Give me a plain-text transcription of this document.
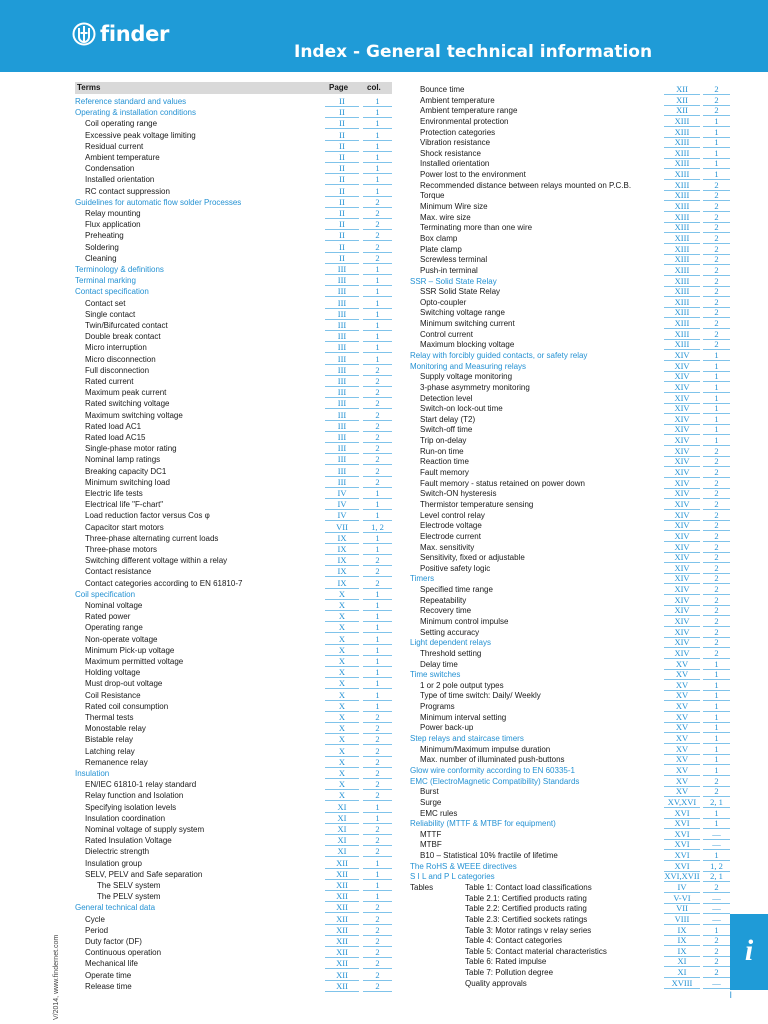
finder
Index - General technical information
Terms	Page col.
Reference standard and values	II	1
Operating & installation conditions	II	1
Coil operating range	II	1
Excessive peak voltage limiting	II	1
Residual current	II	1
Ambient temperature	II	1
Condensation	II	1
Installed orientation	II	1
RC contact suppression	II	1
Guidelines for automatic flow solder Processes	II	2
Relay mounting	II	2
Flux application	II	2
Preheating	II	2
Soldering	II	2
Cleaning	II	2
Terminology & definitions	III	1
Terminal marking	III	1
Contact specification	III	1
Contact set	III	1
Single contact	III	1
Twin/Bifurcated contact	III	1
Double break contact	III	1
Micro interruption	III	1
Micro disconnection	III	1
Full disconnection	III	2
Rated current	III	2
Maximum peak current	III	2
Rated switching voltage	III	2
Maximum switching voltage	III	2
Rated load AC1	III	2
Rated load AC15	III	2
Single-phase motor rating	III	2
Nominal lamp ratings	III	2
Breaking capacity DC1	III	2
Minimum switching load	III	2
Electric life tests	IV	1
Electrical life "F-chart"	IV	1
Load reduction factor versus Cos φ	IV	1
Capacitor start motors	VII	1, 2
Three-phase alternating current loads	IX	1
Three-phase motors	IX	1
Switching different voltage within a relay	IX	2
Contact resistance	IX	2
Contact categories according to EN 61810-7	IX	2
Coil specification	X	1
Nominal voltage	X	1
Rated power	X	1
Operating range	X	1
Non-operate voltage	X	1
Minimum Pick-up voltage	X	1
Maximum permitted voltage	X	1
Holding voltage	X	1
Must drop-out voltage	X	1
Coil Resistance	X	1
Rated coil consumption	X	1
Thermal tests	X	2
Monostable relay	X	2
Bistable relay	X	2
Latching relay	X	2
Remanence relay	X	2
Insulation	X	2
EN/IEC 61810-1 relay standard	X	2
Relay function and Isolation	X	2
Specifying isolation levels	XI	1
Insulation coordination	XI	1
Nominal voltage of supply system	XI	2
Rated Insulation Voltage	XI	2
Dielectric strength	XI	2
Insulation group	XII	1
SELV, PELV and Safe separation	XII	1
The SELV system	XII	1
The PELV system	XII	1
General technical data	XII	2
Cycle	XII	2
Period	XII	2
Duty factor (DF)	XII	2
Continuous operation	XII	2
Mechanical life	XII	2
Operate time	XII	2
Release time	XII	2
Bounce time	XII	2
Ambient temperature	XII	2
Ambient temperature range	XII	2
Environmental protection	XIII	1
Protection categories	XIII	1
Vibration resistance	XIII	1
Shock resistance	XIII	1
Installed orientation	XIII	1
Power lost to the environment	XIII	1
Recommended distance between relays mounted on P.C.B.	XIII	2
Torque	XIII	2
Minimum Wire size	XIII	2
Max. wire size	XIII	2
Terminating more than one wire	XIII	2
Box clamp	XIII	2
Plate clamp	XIII	2
Screwless terminal	XIII	2
Push-in terminal	XIII	2
SSR – Solid State Relay	XIII	2
SSR Solid State Relay	XIII	2
Opto-coupler	XIII	2
Switching voltage range	XIII	2
Minimum switching current	XIII	2
Control current	XIII	2
Maximum blocking voltage	XIII	2
Relay with forcibly guided contacts, or safety relay	XIV	1
Monitoring and Measuring relays	XIV	1
Supply voltage monitoring	XIV	1
3-phase asymmetry monitoring	XIV	1
Detection level	XIV	1
Switch-on lock-out time	XIV	1
Start delay (T2)	XIV	1
Switch-off time	XIV	1
Trip on-delay	XIV	1
Run-on time	XIV	2
Reaction time	XIV	2
Fault memory	XIV	2
Fault memory - status retained on power down	XIV	2
Switch-ON hysteresis	XIV	2
Thermistor temperature sensing	XIV	2
Level control relay	XIV	2
Electrode voltage	XIV	2
Electrode current	XIV	2
Max. sensitivity	XIV	2
Sensitivity, fixed or adjustable	XIV	2
Positive safety logic	XIV	2
Timers	XIV	2
Specified time range	XIV	2
Repeatability	XIV	2
Recovery time	XIV	2
Minimum control impulse	XIV	2
Setting accuracy	XIV	2
Light dependent relays	XIV	2
Threshold setting	XIV	2
Delay time	XV	1
Time switches	XV	1
1 or 2 pole output types	XV	1
Type of time switch: Daily/ Weekly	XV	1
Programs	XV	1
Minimum interval setting	XV	1
Power back-up	XV	1
Step relays and staircase timers	XV	1
Minimum/Maximum impulse duration	XV	1
Max. number of illuminated push-buttons	XV	1
Glow wire conformity according to EN 60335-1	XV	1
EMC (ElectroMagnetic Compatibility) Standards	XV	2
Burst	XV	2
Surge	XV,XVI	2, 1
EMC rules	XVI	1
Reliability (MTTF & MTBF for equipment)	XVI	1
MTTF	XVI	—
MTBF	XVI	—
B10 – Statistical 10% fractile of lifetime	XVI	1
The RoHS & WEEE directives	XVI	1, 2
S I L and P L categories	XVI,XVII	2, 1
Tables	Table 1: Contact load classifications	IV	2
Table 2.1: Certified products rating	V-VI	—
Table 2.2: Certified products rating	VII	—
Table 2.3: Certified sockets ratings	VIII	—
Table 3: Motor ratings v relay series	IX	1
Table 4: Contact categories	IX	2
Table 5: Contact material characteristics	IX	2
Table 6: Rated impulse	XI	2
Table 7: Pollution degree	XI	2
Quality approvals	XVIII	—
i
I
V/2014, www.findernet.com
